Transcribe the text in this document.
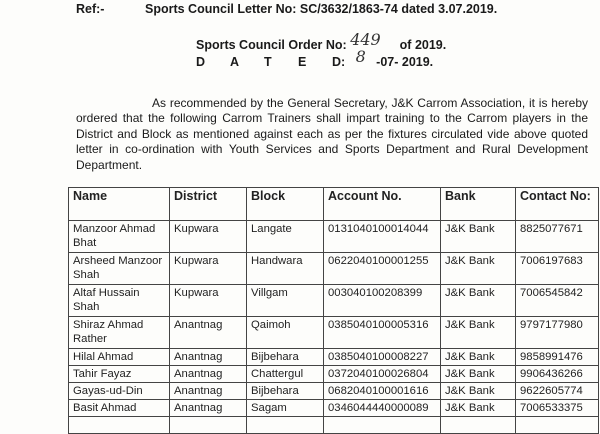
Ref:-	Sports Council Letter No: SC/3632/1863-74 dated 3.07.2019.
Sports Council Order No: 449 of 2019.
D A T E D: 8 -07- 2019.
As recommended by the General Secretary, J&K Carrom Association, it is hereby ordered that the following Carrom Trainers shall impart training to the Carrom players in the District and Block as mentioned against each as per the fixtures circulated vide above quoted letter in co-ordination with Youth Services and Sports Department and Rural Development Department.
Name	District	Block	Account No.	Bank	Contact No:
Manzoor Ahmad Bhat	Kupwara	Langate	0131040100014044	J&K Bank	8825077671
Arsheed Manzoor Shah	Kupwara	Handwara	0622040100001255	J&K Bank	7006197683
Altaf Hussain Shah	Kupwara	Villgam	003040100208399	J&K Bank	7006545842
Shiraz Ahmad Rather	Anantnag	Qaimoh	0385040100005316	J&K Bank	9797177980
Hilal Ahmad	Anantnag	Bijbehara	0385040100008227	J&K Bank	9858991476
Tahir Fayaz	Anantnag	Chattergul	0372040100026804	J&K Bank	9906436266
Gayas-ud-Din	Anantnag	Bijbehara	0682040100001616	J&K Bank	9622605774
Basit Ahmad	Anantnag	Sagam	0346044440000089	J&K Bank	7006533375
